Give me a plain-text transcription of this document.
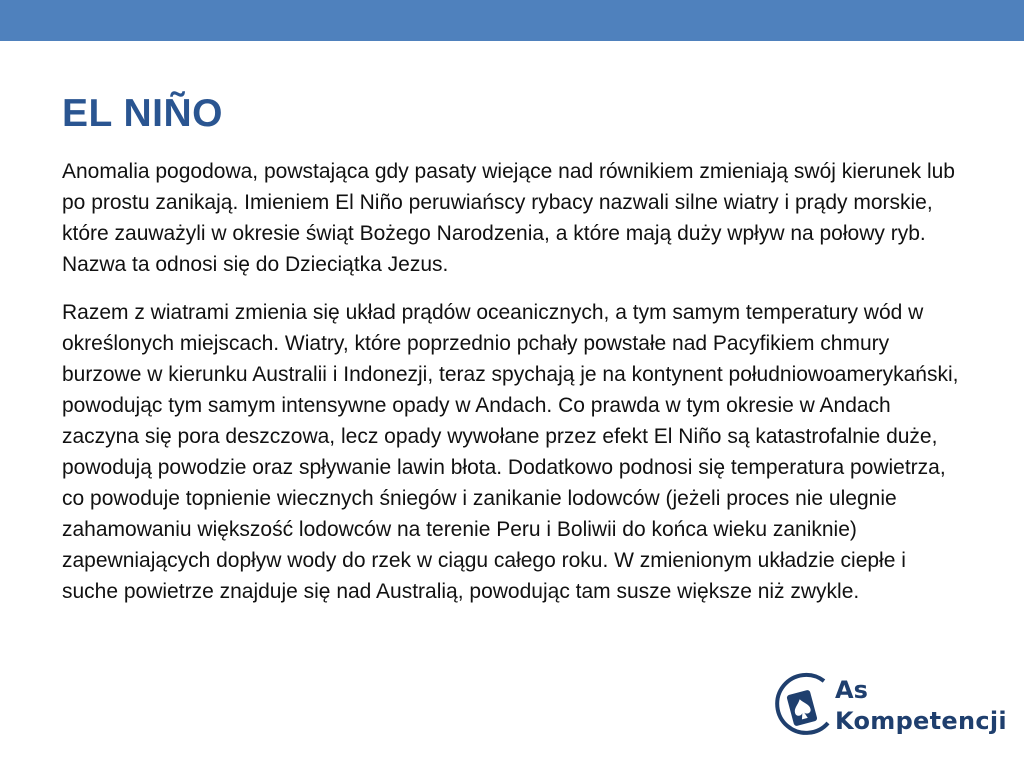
EL NIÑO

Anomalia pogodowa, powstająca gdy pasaty wiejące nad równikiem zmieniają swój kierunek lub po prostu zanikają. Imieniem El Niño peruwiańscy rybacy nazwali silne wiatry i prądy morskie, które zauważyli w okresie świąt Bożego Narodzenia, a które mają duży wpływ na połowy ryb. Nazwa ta odnosi się do Dzieciątka Jezus.

Razem z wiatrami zmienia się układ prądów oceanicznych, a tym samym temperatury wód w określonych miejscach. Wiatry, które poprzednio pchały powstałe nad Pacyfikiem chmury burzowe w kierunku Australii i Indonezji, teraz spychają je na kontynent południowoamerykański, powodując tym samym intensywne opady w Andach. Co prawda w tym okresie w Andach zaczyna się pora deszczowa, lecz opady wywołane przez efekt El Niño są katastrofalnie duże, powodują powodzie oraz spływanie lawin błota. Dodatkowo podnosi się temperatura powietrza, co powoduje topnienie wiecznych śniegów i zanikanie lodowców (jeżeli proces nie ulegnie zahamowaniu większość lodowców na terenie Peru i Boliwii do końca wieku zaniknie) zapewniających dopływ wody do rzek w ciągu całego roku. W zmienionym układzie ciepłe i suche powietrze znajduje się nad Australią, powodując tam susze większe niż zwykle.

As
Kompetencji
